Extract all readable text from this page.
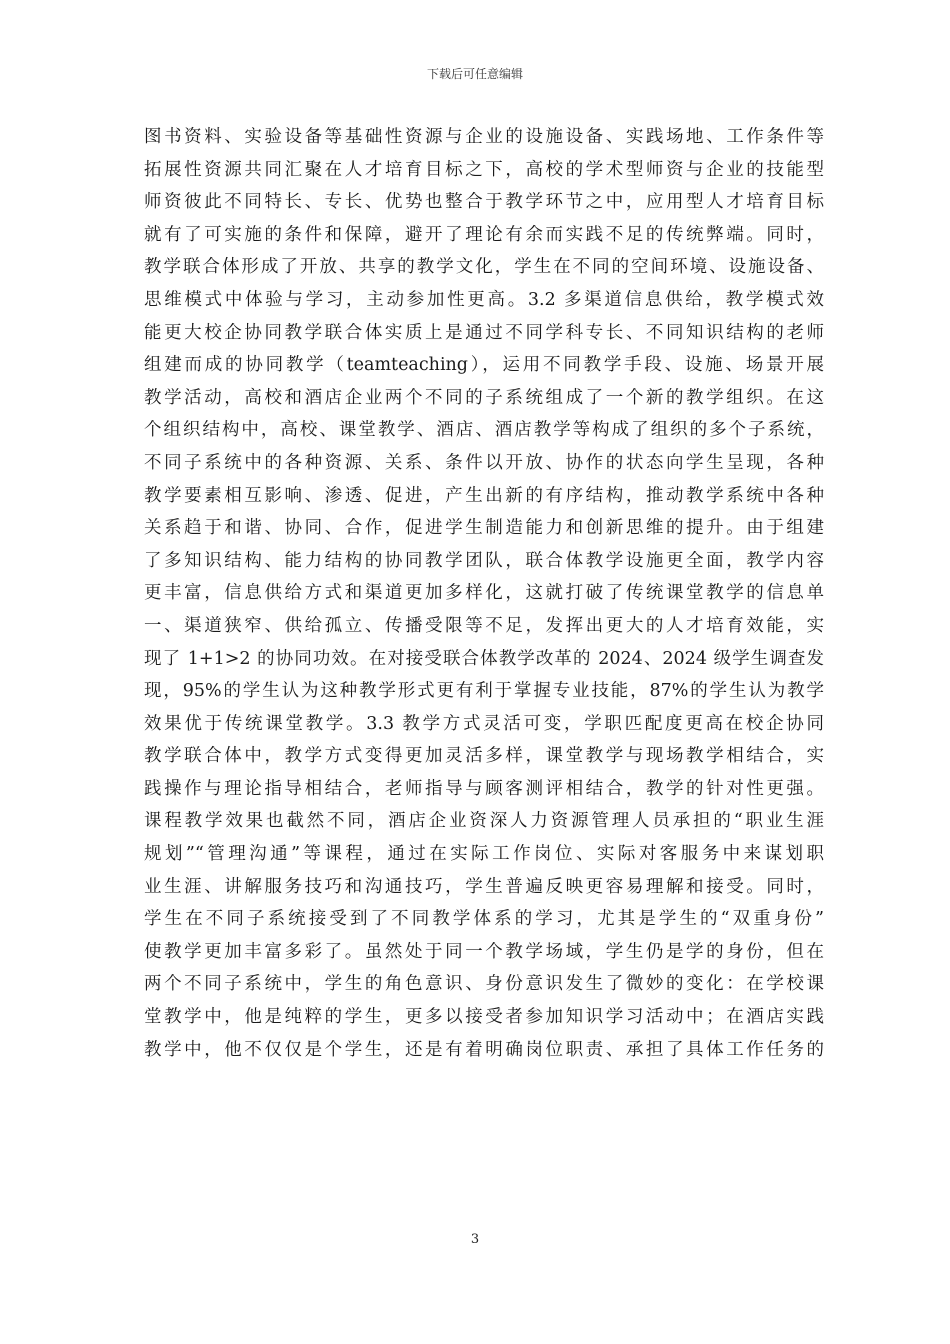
下载后可任意编辑
图书资料、实验设备等基础性资源与企业的设施设备、实践场地、工作条件等
拓展性资源共同汇聚在人才培育目标之下，高校的学术型师资与企业的技能型
师资彼此不同特长、专长、优势也整合于教学环节之中，应用型人才培育目标
就有了可实施的条件和保障，避开了理论有余而实践不足的传统弊端。同时，
教学联合体形成了开放、共享的教学文化，学生在不同的空间环境、设施设备、
思维模式中体验与学习，主动参加性更高。3.2 多渠道信息供给，教学模式效
能更大校企协同教学联合体实质上是通过不同学科专长、不同知识结构的老师
组建而成的协同教学（teamteaching），运用不同教学手段、设施、场景开展
教学活动，高校和酒店企业两个不同的子系统组成了一个新的教学组织。在这
个组织结构中，高校、课堂教学、酒店、酒店教学等构成了组织的多个子系统，
不同子系统中的各种资源、关系、条件以开放、协作的状态向学生呈现，各种
教学要素相互影响、渗透、促进，产生出新的有序结构，推动教学系统中各种
关系趋于和谐、协同、合作，促进学生制造能力和创新思维的提升。由于组建
了多知识结构、能力结构的协同教学团队，联合体教学设施更全面，教学内容
更丰富，信息供给方式和渠道更加多样化，这就打破了传统课堂教学的信息单
一、渠道狭窄、供给孤立、传播受限等不足，发挥出更大的人才培育效能，实
现了 1+1>2 的协同功效。在对接受联合体教学改革的 2024、2024 级学生调查发
现，95%的学生认为这种教学形式更有利于掌握专业技能，87%的学生认为教学
效果优于传统课堂教学。3.3 教学方式灵活可变，学职匹配度更高在校企协同
教学联合体中，教学方式变得更加灵活多样，课堂教学与现场教学相结合，实
践操作与理论指导相结合，老师指导与顾客测评相结合，教学的针对性更强。
课程教学效果也截然不同，酒店企业资深人力资源管理人员承担的“职业生涯
规划”“管理沟通”等课程，通过在实际工作岗位、实际对客服务中来谋划职
业生涯、讲解服务技巧和沟通技巧，学生普遍反映更容易理解和接受。同时，
学生在不同子系统接受到了不同教学体系的学习，尤其是学生的“双重身份”
使教学更加丰富多彩了。虽然处于同一个教学场域，学生仍是学的身份，但在
两个不同子系统中，学生的角色意识、身份意识发生了微妙的变化：在学校课
堂教学中，他是纯粹的学生，更多以接受者参加知识学习活动中；在酒店实践
教学中，他不仅仅是个学生，还是有着明确岗位职责、承担了具体工作任务的
3
